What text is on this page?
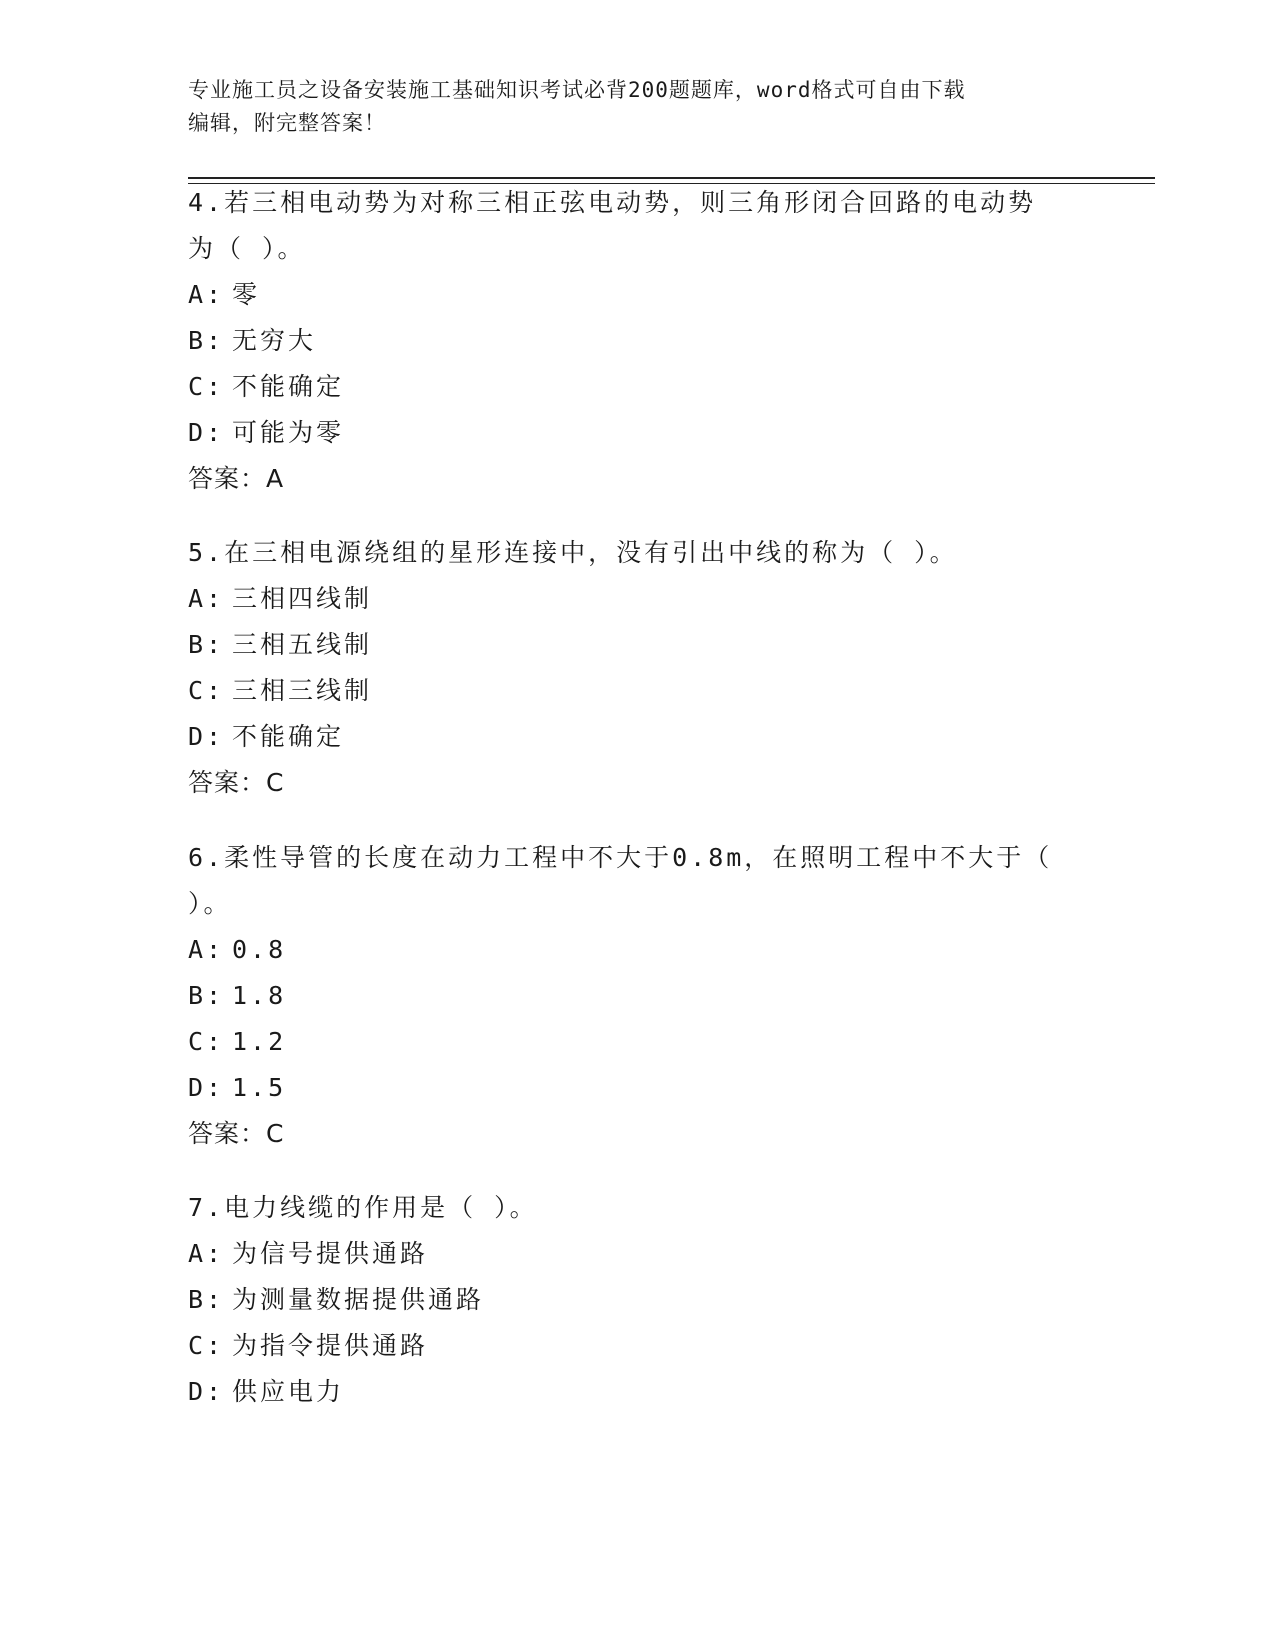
专业施工员之设备安装施工基础知识考试必背200题题库，word格式可自由下载
编辑，附完整答案！

4.若三相电动势为对称三相正弦电动势，则三角形闭合回路的电动势

为（ ）。

A: 零

B: 无穷大

C: 不能确定

D: 可能为零

答案：A

5.在三相电源绕组的星形连接中，没有引出中线的称为（ ）。

A: 三相四线制

B: 三相五线制

C: 三相三线制

D: 不能确定

答案：C

6.柔性导管的长度在动力工程中不大于0.8m，在照明工程中不大于（

）。

A: 0.8

B: 1.8

C: 1.2

D: 1.5

答案：C

7.电力线缆的作用是（ ）。

A: 为信号提供通路

B: 为测量数据提供通路

C: 为指令提供通路

D: 供应电力
